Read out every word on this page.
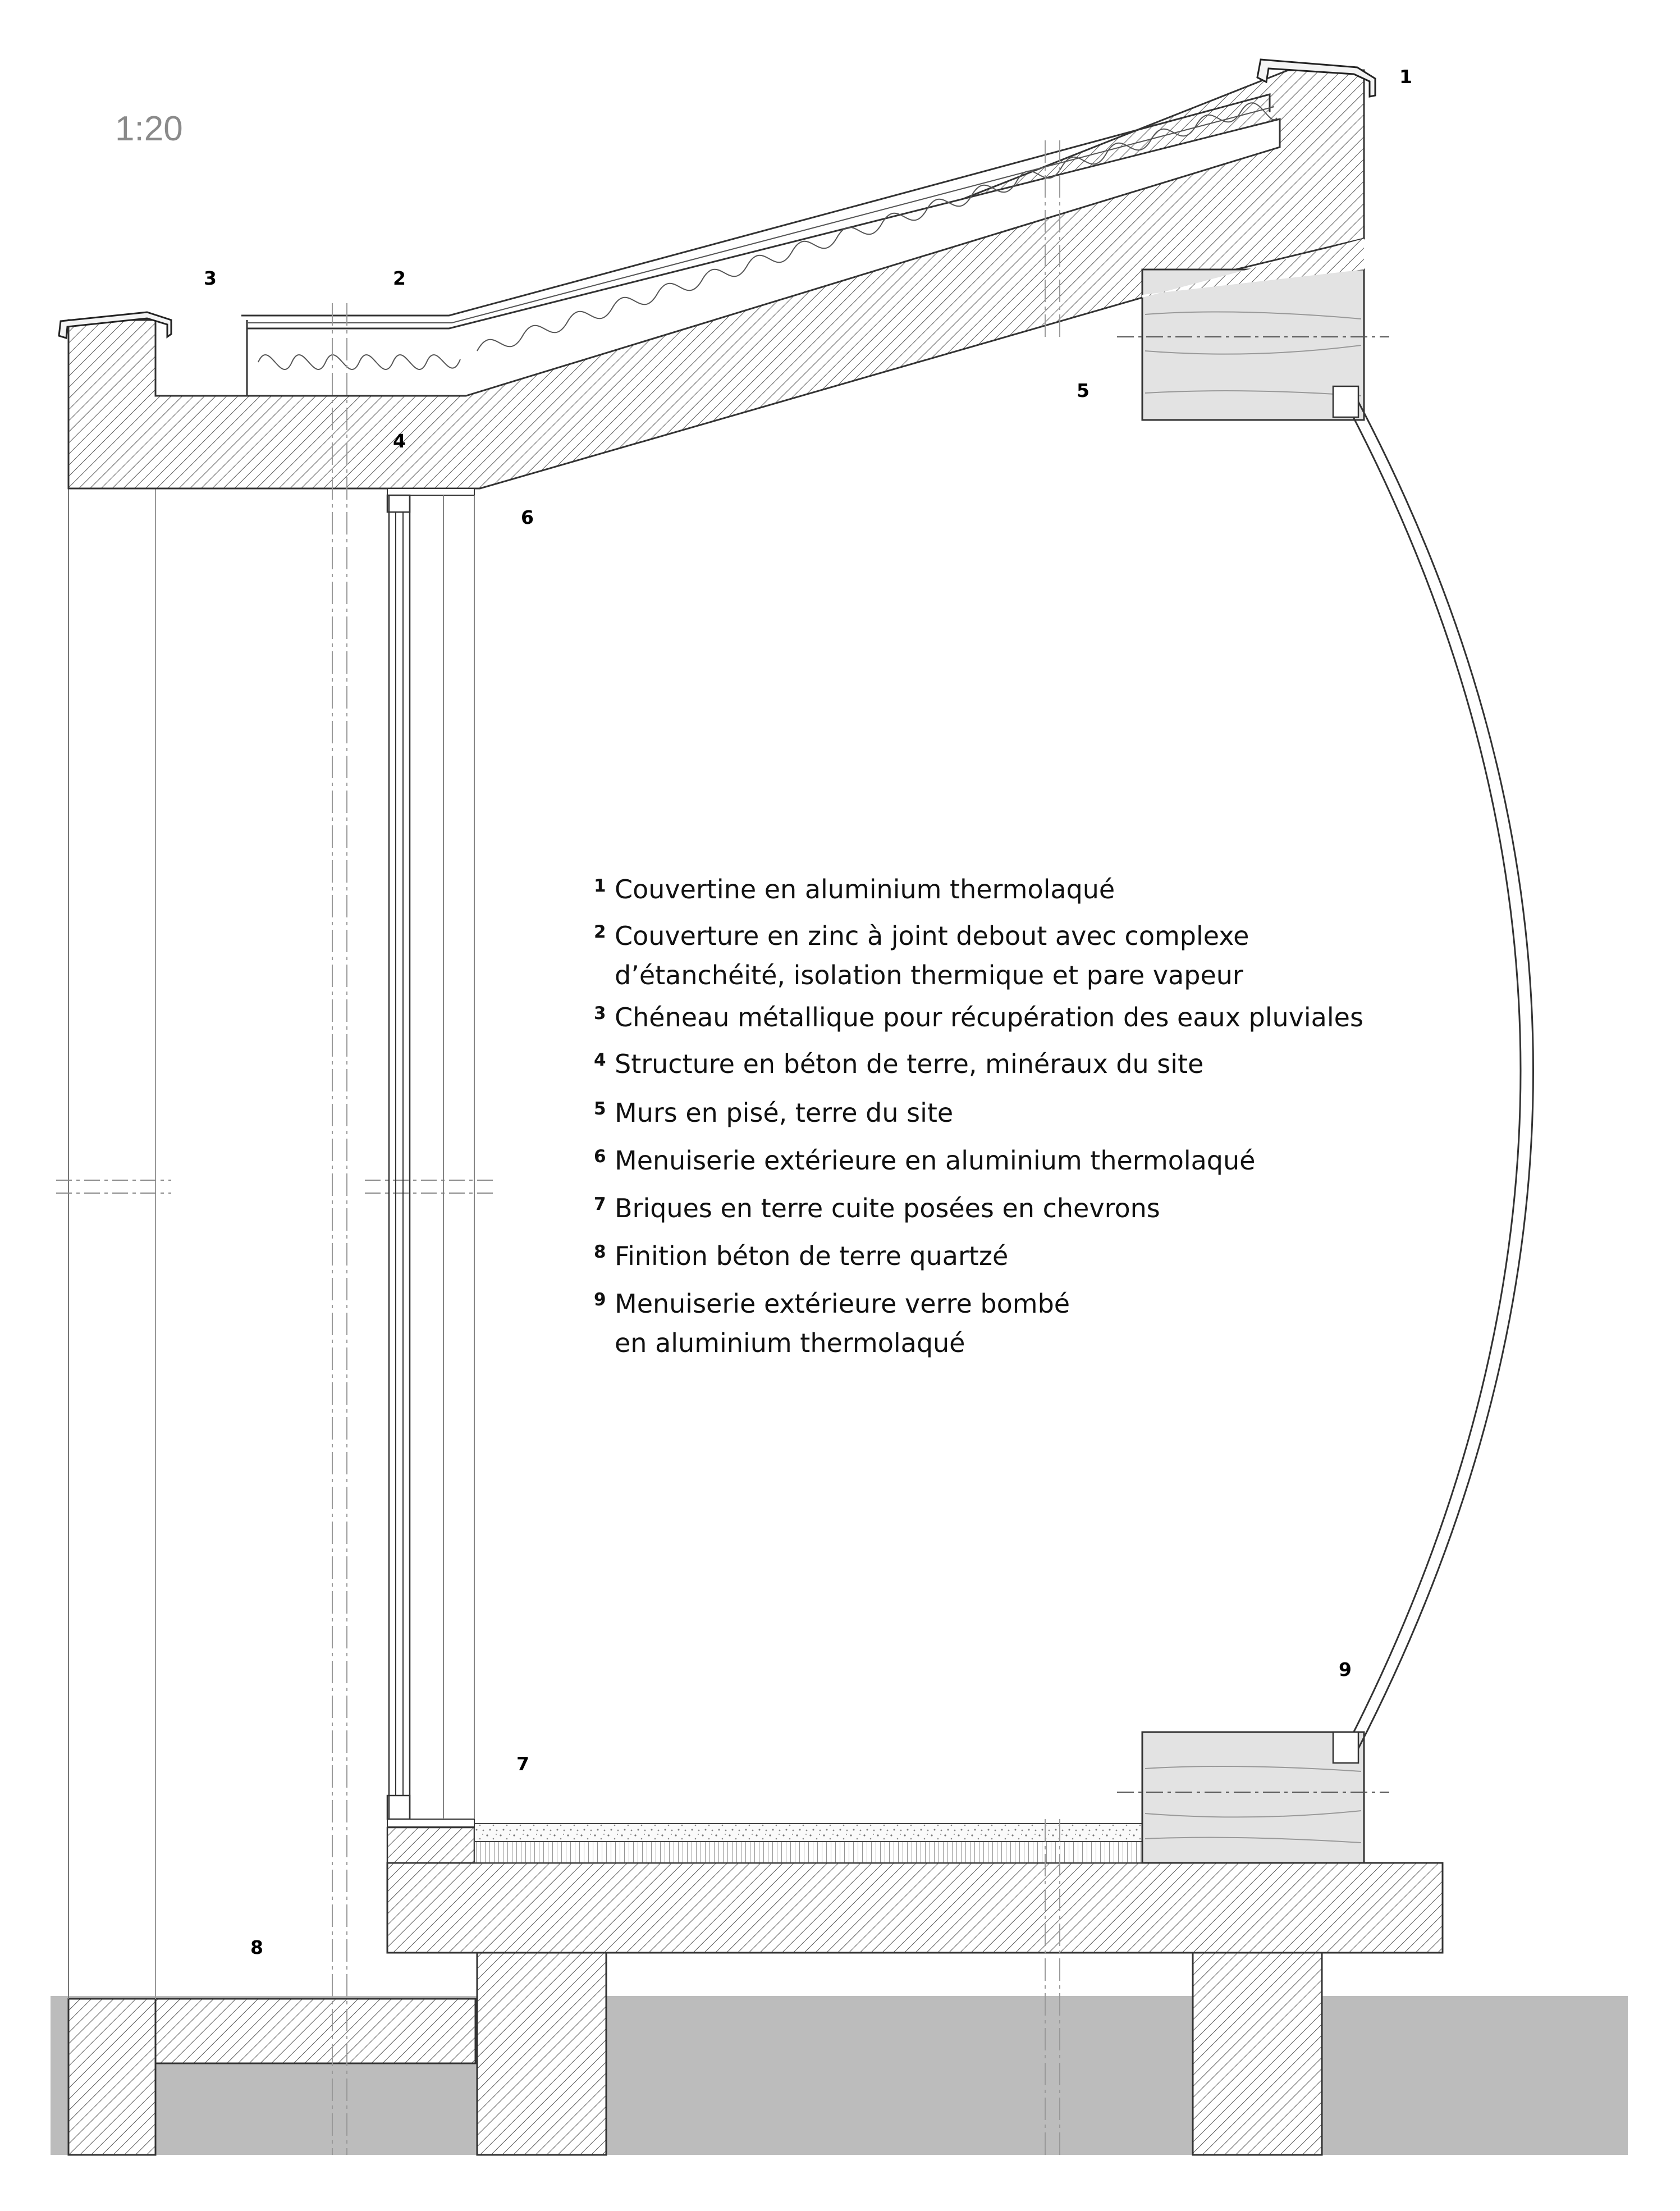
1:20
1
2
3
4
5
6
7
8
9
1 Couvertine en aluminium thermolaqué
2 Couverture en zinc à joint debout avec complexe
d’étanchéité, isolation thermique et pare vapeur
3 Chéneau métallique pour récupération des eaux pluviales
4 Structure en béton de terre, minéraux du site
5 Murs en pisé, terre du site
6 Menuiserie extérieure en aluminium thermolaqué
7 Briques en terre cuite posées en chevrons
8 Finition béton de terre quartzé
9 Menuiserie extérieure verre bombé
en aluminium thermolaqué
